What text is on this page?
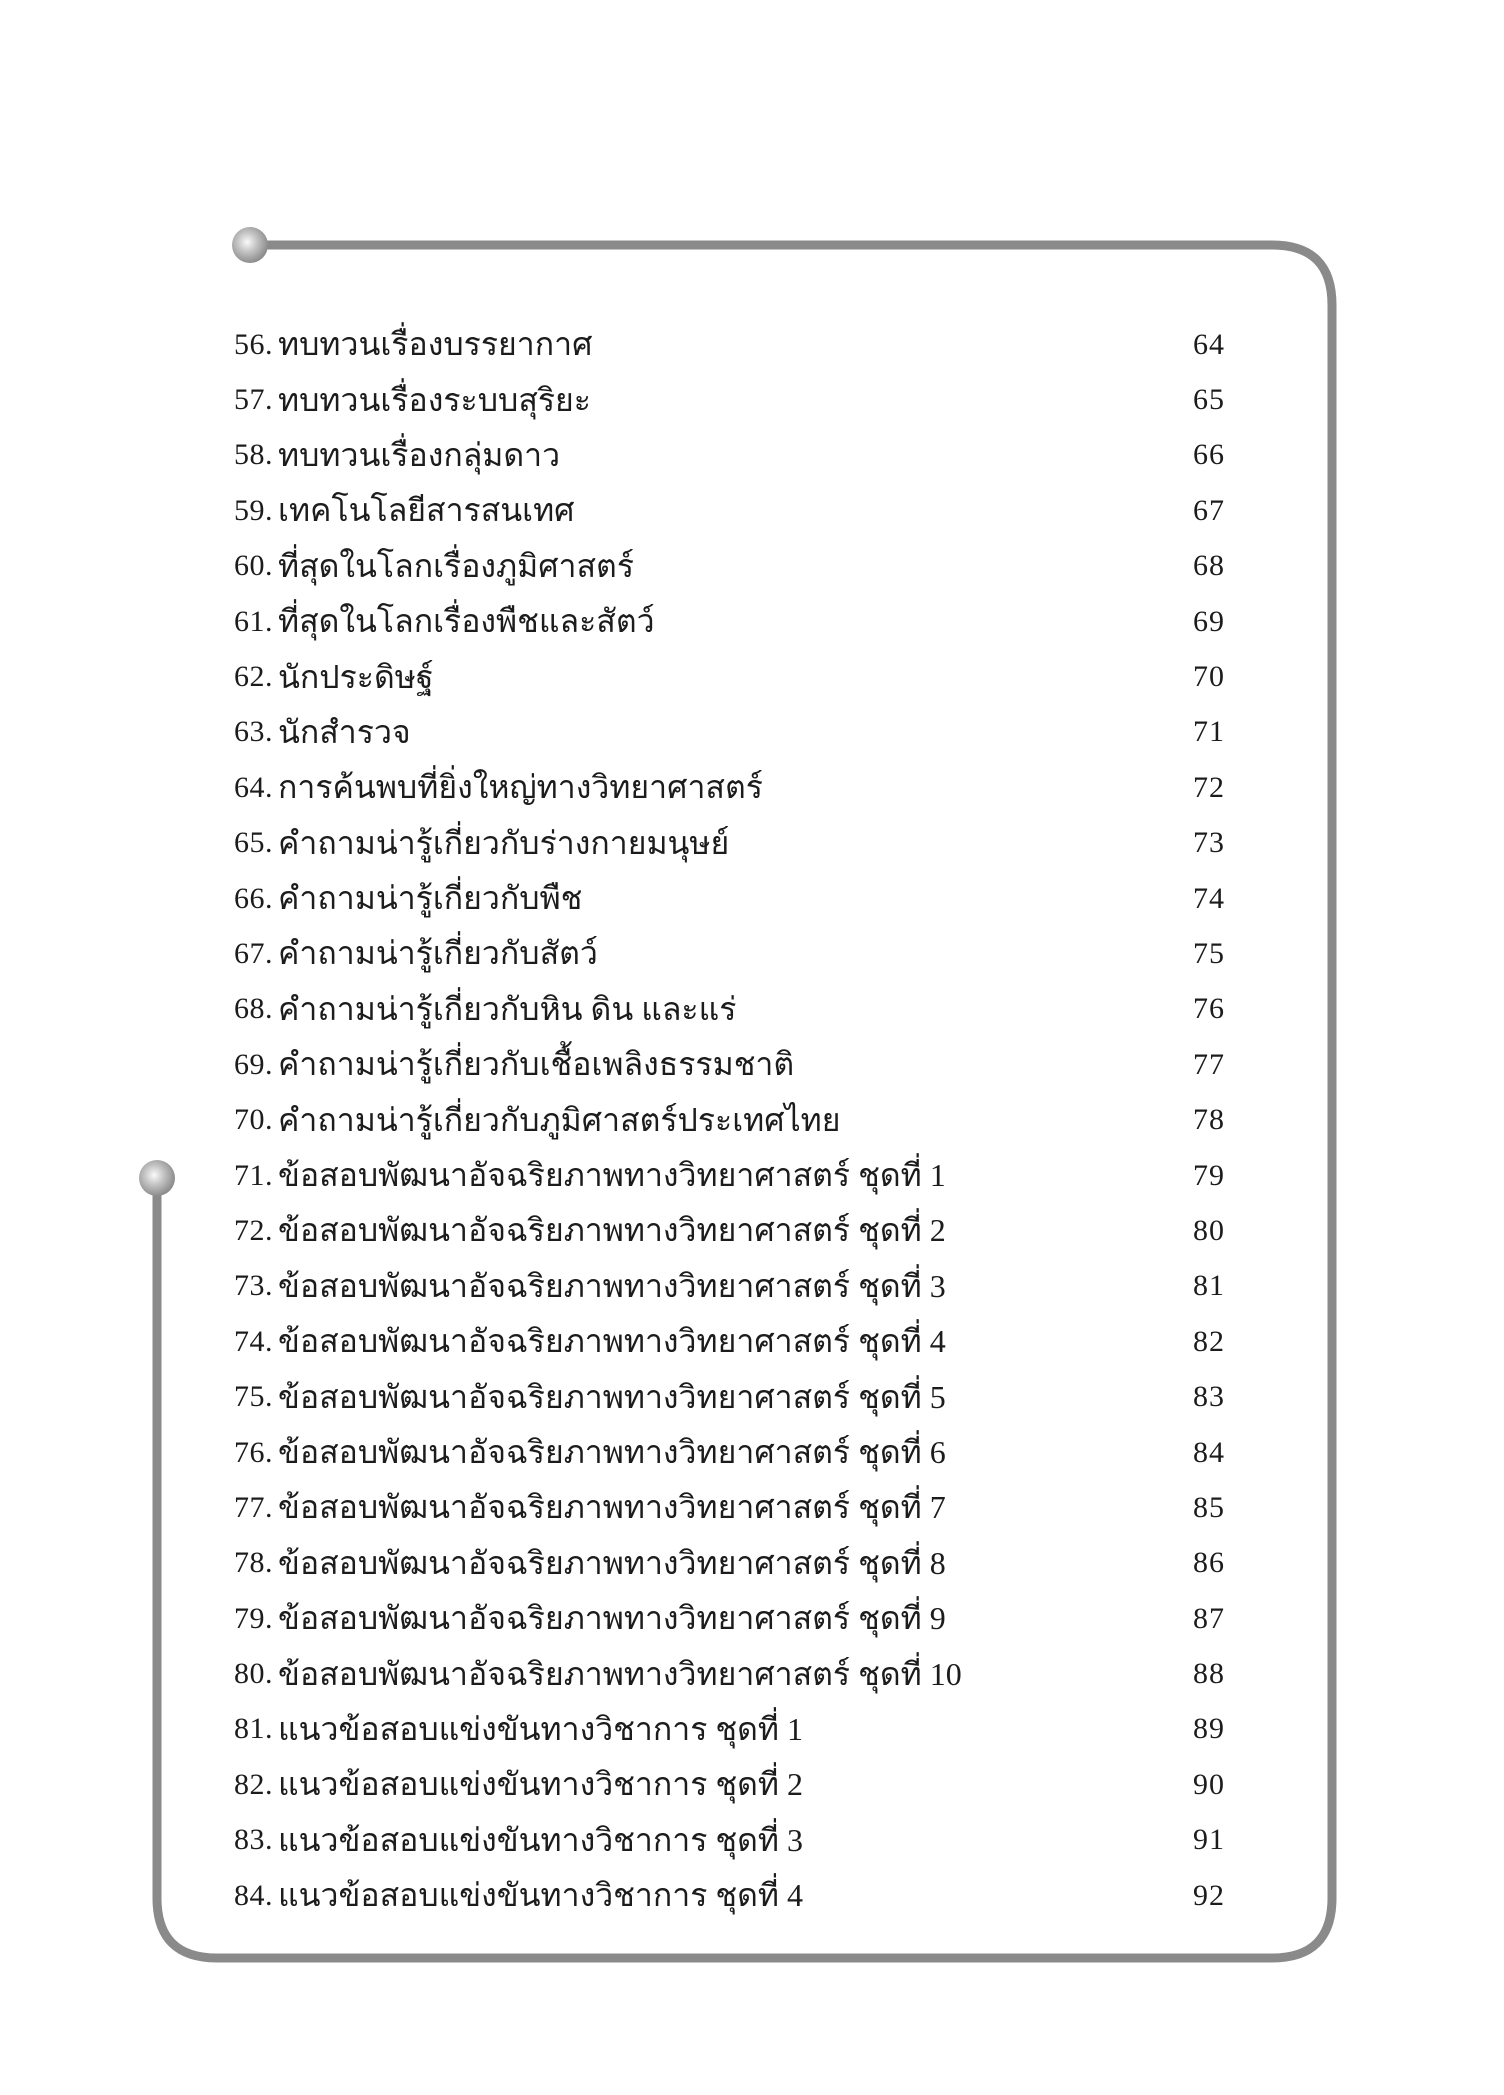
56. ทบทวนเรื่องบรรยากาศ	64
57. ทบทวนเรื่องระบบสุริยะ	65
58. ทบทวนเรื่องกลุ่มดาว	66
59. เทคโนโลยีสารสนเทศ	67
60. ที่สุดในโลกเรื่องภูมิศาสตร์	68
61. ที่สุดในโลกเรื่องพืชและสัตว์	69
62. นักประดิษฐ์	70
63. นักสำรวจ	71
64. การค้นพบที่ยิ่งใหญ่ทางวิทยาศาสตร์	72
65. คำถามน่ารู้เกี่ยวกับร่างกายมนุษย์	73
66. คำถามน่ารู้เกี่ยวกับพืช	74
67. คำถามน่ารู้เกี่ยวกับสัตว์	75
68. คำถามน่ารู้เกี่ยวกับหิน ดิน และแร่	76
69. คำถามน่ารู้เกี่ยวกับเชื้อเพลิงธรรมชาติ	77
70. คำถามน่ารู้เกี่ยวกับภูมิศาสตร์ประเทศไทย	78
71. ข้อสอบพัฒนาอัจฉริยภาพทางวิทยาศาสตร์ ชุดที่ 1	79
72. ข้อสอบพัฒนาอัจฉริยภาพทางวิทยาศาสตร์ ชุดที่ 2	80
73. ข้อสอบพัฒนาอัจฉริยภาพทางวิทยาศาสตร์ ชุดที่ 3	81
74. ข้อสอบพัฒนาอัจฉริยภาพทางวิทยาศาสตร์ ชุดที่ 4	82
75. ข้อสอบพัฒนาอัจฉริยภาพทางวิทยาศาสตร์ ชุดที่ 5	83
76. ข้อสอบพัฒนาอัจฉริยภาพทางวิทยาศาสตร์ ชุดที่ 6	84
77. ข้อสอบพัฒนาอัจฉริยภาพทางวิทยาศาสตร์ ชุดที่ 7	85
78. ข้อสอบพัฒนาอัจฉริยภาพทางวิทยาศาสตร์ ชุดที่ 8	86
79. ข้อสอบพัฒนาอัจฉริยภาพทางวิทยาศาสตร์ ชุดที่ 9	87
80. ข้อสอบพัฒนาอัจฉริยภาพทางวิทยาศาสตร์ ชุดที่ 10	88
81. แนวข้อสอบแข่งขันทางวิชาการ ชุดที่ 1	89
82. แนวข้อสอบแข่งขันทางวิชาการ ชุดที่ 2	90
83. แนวข้อสอบแข่งขันทางวิชาการ ชุดที่ 3	91
84. แนวข้อสอบแข่งขันทางวิชาการ ชุดที่ 4	92
